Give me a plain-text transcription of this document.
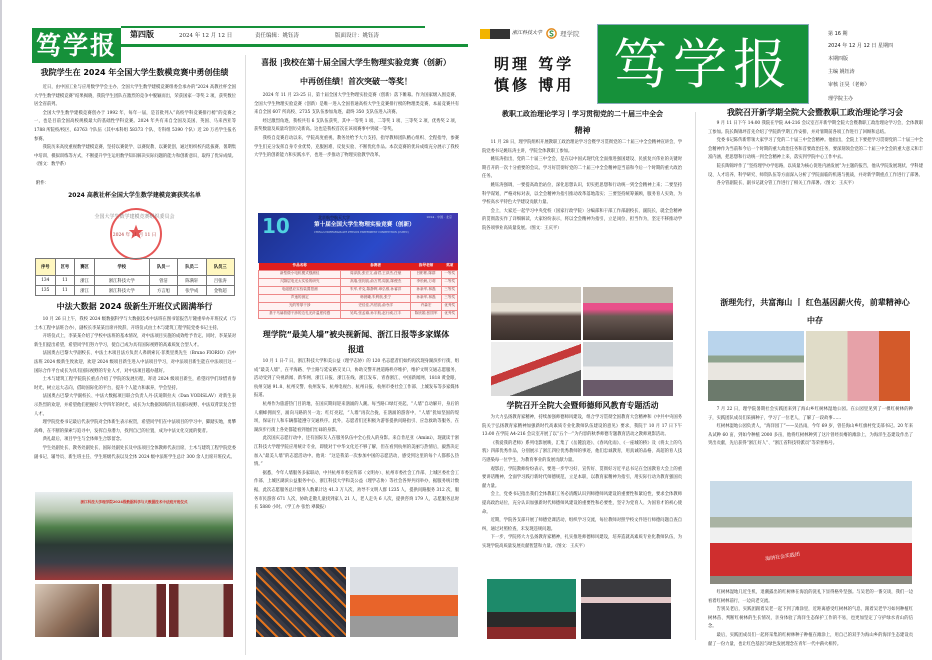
笃学报	第四版	2024 年 12 月 12 日	责任编辑：姚钰涛	版面设计：姚钰涛
我院学生在 2024 年全国大学生数模竞赛中勇创佳绩

近日，由中国工业与应用数学学会主办、全国大学生数学建模竞赛组委会承办的“2024 高教社杯全国大学生数学建模竞赛”结果揭晓，我院学生团队在激烈的竞争中脱颖而出，荣获国家一等奖 2 项，获奖数位居全省前列。

全国大学生数学建模竞赛创办于 1992 年，每年一届，是首批列入“高校学科竞赛排行榜”的竞赛之一，也是目前全国高校规模最大的基础性学科竞赛。2024 年共有来自全国及美国、英国、马来西亚等 1788 所院校/校区、63763 个队伍（其中本科组 58373 个队、专科组 5390 个队）近 20 万名学生报名参赛。

我院历来高度重视数学建模竞赛，坚持以赛促学、以赛促教、以赛促创，通过组织校内选拔赛、暑期集中培训、模拟训练等方式，不断提升学生运用数学知识解决实际问题的能力和创新意识，取得了优异成绩。（图文：数学系）

附件：
2024 高教社杯全国大学生数学建模竞赛获奖名单
全国大学生数学建模竞赛组织委员会
2024 年 11 月 11 日
序号	区号	赛区	学校	队员一	队员二	队员三
134	11	浙江	浙江科技大学	曾洁	陈满轩	吕张涛
135	11	浙江	浙江科技大学	方言旭	张学成	金牧超
中法大数据 2024 级新生开班仪式圆满举行

10 月 26 日上午，我校 2024 级数据科学与大数据技术中法班在图书馆报告厅隆重举办开班仪式（与土木工程中法班合办），副校长李某某出席并致辞，开班仪式由土木与建筑工程学院党委书记主持。

开班仪式上，李某某介绍了学校中法班的基本情况，对中法项目实施的成效给予肯定。同时，李某某对新生们提出希望，希望同学们努力学习，使自己成为具有国际视野的高素质复合型人才。

法国奥古巴黎大学副校长、中法土木项目法方负责人弗朗索瓦·菲奥里奥先生（Bruno FIORIO）向中法班 2024 级新生致欢迎，欢迎 2024 级项目新生进入中法项目学习，对中法项目新生能在中法项目这一国际合作平台成长为具有国际视野的专业人才，对中法项目越办越好。

土木与建筑工程学院院长重点介绍了学院的发展历程，寄语 2024 级项目新生，希望同学们珍惜青春时光，树立远大志向，借助国际化的平台，提升个人能力和素养，学会坚持。

法国奥古巴黎大学副校长、中法大数据项目联合负责人丹·沃迪斯拉夫（Dan VODISLAV）对新生表示热烈的欢迎，并希望他们把握好大学四年的时光，成长为大数据领域的具有国际视野、中法双背景复合型人才。

理学院党委书记最后代表学院对全体新生表示祝贺，希望同学们在中法项目的学习中，脚踏实地，勇攀高峰，在不断的探索与追寻中，发挥自身潜力，找到自己的位置，成为中法文化交流的使者。

典礼最后，项目学生与全体师生合影留念。

学生处副处长、教务处副处长、国际处副处长及中法项目全体教师代表出席，土木与建筑工程学院党委副书记、辅导员、新生班主任、学生班级代表以及全体 2024 级中法班学生总计 300 余人出席开班仪式。

浙江科技大学理学院2024级数据科学与大数据技术中法班开班仪式
喜报 |我校在第十届全国大学生物理实验竞赛（创新）
中再创佳绩！首次突破一等奖！

2024 年 11 月 23-25 日，第十届全国大学生物理实验竞赛（创新）落下帷幕。作为国家级入围竞赛，全国大学生物理实验竞赛（创新）是唯一进入全国普通高校大学生竞赛排行榜的物理类竞赛，本届竞赛共有来自全国 607 所高校、2735 支队伍参加角逐，最终 350 支队伍进入决赛。

经过激烈角逐，我校共有 6 支队伍获奖，其中一等奖 1 项、二等奖 1 项、三等奖 2 项、优秀奖 2 项，获奖数量及质量均创历史新高。这也是我校首次在该项赛事中突破一等奖。

我校自竞赛启动以来，学院高度重视，教务处给予大力支持，指导教师团队精心组织、全程指导，参赛学生们充分发挥自身专业优势，克服困难、反复实验、不断优化作品。本次竞赛的优异成绩充分展示了我校大学生的创新能力和实践水平，也进一步推动了物理实验教学改革。

10	北京航空航天大学
第十届全国大学生物理实验竞赛（创新）
CHINA UNDERGRADUATE PHYSICS EXPERIMENT COMPETITION (CUPEC)
2024 · 中国 · 北京
作品名称	参赛者	指导老师	奖项
新型微小电机模式强测仪	周泽凯,张宏文,俞君,王泽杰,任豪	吕彬彬,陈群	一等奖
穴隔层电光太实验的研究	高瑞,张钧凯,俞万贯,周凯,陈俊杰	李松帆,万莉	二等奖
电磁感应实验装置搭测	朱军,许克,陈静辉,章弘维,孙睿洋	孙新军,林磊	三等奖
声速的测定	韩晨曦,朱利航,张宁	孙新军,林磊	三等奖
光的等厚干涉	史佳佳,冯伯凯,俞寺洋	许森宏	优秀奖
基于马赫曾德干涉的边孔光纤温度传感	吴鸣,张孟瑜,孙宇航,赵行威,江丰	陈欣娟,张国军	优秀奖
理学院“最美人墙”被央视新闻、浙江日报等多家媒体
报道

10 月 1 日-7 日，浙江科技大学和美公益（理学志协）的 120 名志愿者们如约再次现身湖滨步行街，组成“最美人墙”，在平海路、学士路与延安路交叉口，协助交警开展道路秩序维护，维护文明交通志愿服务，活动受到了央视新闻、新华网、浙江日报、浙江在线、浙江发布、青春浙江、中国新闻网、1818 黄金眼、杭州交通 91.8、杭州交警、杭州发布、杭州电视台、杭州日报、杭州市委社会工作部、上城发布等多家媒体报道。

杭州作为旅游热门目的地，在国庆期间迎来汹涌的人潮。每当路口绿灯亮起，“人墙”自动解开，身后的人潮蜂拥而至，涌向马路的另一边；红灯亮起，“人墙”再次合拢，在汹涌的游客中，“人墙”犹如坚固的堤坝，保证行人和车辆都能遵守交通秩序。此外，志愿者们还积极为游客提供问路指引、应急救助等服务，在湖滨步行街上各处都能看到他们忙碌的身影。

此次国庆志愿行动中，还有国际友人在服务队伍中全心投入的身影。来自肯尼亚（Amini），现就读于浙江科技大学理学院应用统计专业，即使对于中华文化还不够了解，但在看到杭州的美丽与热情后，毅然决定加入“最美人墙”的志愿活动中。他说：“这是我第一次参加中国的志愿活动，感受到这里的每个人都那么热情。”

据悉，今年人墙服务多家联动，中共杭州市委宣传部（文明办）、杭州市委社会工作部、上城区委社会工作部、上城区湖滨公益服务中心、浙江科技大学和美公益（理学志协）等社会各界共同举办，据服务统计数据，此次志愿服务总计服务人数累计达 41.3 万人次，劝导不文明人群 1235 人，提供问路服务 312 次，服务市民游客 671 人次，协助走散儿童找到家人 21 人，老人走失 6 人次，提供咨询 179 人，志愿服务总时长 5880 小时。（学工办 张怡 翠微报）

浙江科技大学	理学院
明理 笃学
慎修 博用 笃学报	第 16 期
2024 年 12 月 12 日 星期四
本期四版
主编 姚钰涛
审核 汪昊（老师）
理学院主办
教职工政治理论学习丨学习贯彻党的二十届三中全会
精神

11 月 28 日，理学院组织开展教职工政治理论学习会暨学习贯彻党的二十届三中全会精神宣讲会，学院党委书记姚钰涛主讲，学院全体教职工参加。

姚钰涛指出，党的二十届三中全会，是在以中国式现代化全面推进强国建设、民族复兴伟业的关键时期召开的一次十分重要的会议。学习好贯彻好党的二十届三中全会精神是当前和今后一个时期的重大政治任务。

姚钰涛强调，一要提高政治站位，深化思想认识，切实把思想和行动统一到全会精神上来；二要坚持科学谋划，严格对标对表，以全会精神为指引推动改革落地落实；三要坚持统筹兼顾，服务育人实效，为学校高水平特色大学建设贡献力量。

会上，大家还一起学习中央党校（国家行政学院）分编部和干部工作部副校长、副院长，就全会精神的贯彻落实作了详细解读，大家纷纷表示，将以全会精神为指引，立足岗位、担当作为，坚定不移推动学院各项事业高质量发展。（图文：王庆平）

学院召开全院大会暨师德师风教育专题活动

为大力弘扬教育家精神，持续加强师德师风建设，组合学习贯彻全国教育大会精神和《中共中央国务院关于弘扬教育家精神加强新时代高素质专业化教师队伍建设的意见》要求，我院于 10 月 17 日下午 13:00 在学院 A4-216 会议室开展了以“五个一”为内容的秋季师德专题教育活动之教师观影活动。

《我爱我的老师》系列电影展映，汇集了《岳麓浪迹》、《春风化雨》、《一座城的桥》及《将太上的乌鸦》四部优秀作品，分别展示了浙江四位优秀教师的事迹，他们忠诚教育，用真诚的品格、高超的育人技巧感染每一位学生，为教育事业的发展贡献力量。

观影后，学院教师纷纷表示，要进一步学习好、宣传好、贯彻好习近平总书记在全国教育大会上的重要讲话精神，全面学习践行新时代师德规范，立足本职，以教育家精神为指引，用实际行动为教育强国贡献力量。

会上，党委书记指出我们全体教职工务必清醒认识到师德师风建设的重要性和紧迫性，要求全体教师提高政治站位，充分认识加强新时代师德师风建设的重要性和必要性，坚守为党育人、为国育才的初心使命。

近期，学院各支部开展了师德党课活动，组织学习交流，每位教师对照学校文件进行师德问题自查自纠，通过对照检查，未发现违规问题。

下一步，学院将大力弘扬教育家精神，扎实推进师德师风建设，培养造就高素质专业化教师队伍，为实现学院高质量发展贡献智慧和力量。（图文：王庆平）

我院召开新学期全院大会暨教职工政治理论学习会

9 月 11 日下午 14:00 我院在学院 A4-216 会议室召开新学期全院大会暨教职工政治理论学习会，全体教职工参加。院长陶锦坪首先介绍了学院新学期工作安排，并对暑期前各项工作进行了回顾和总结。

党委书记陈传新带领大家学习了党的二十届三中全会精神。他指出，全院上下要把学习贯彻党的二十届三中全会精神作为当前和今后一个时期的重大政治任务和首要政治任务，要深刻领会党的二十届三中全会的重大意义和丰富内涵，把思想和行动统一到全会精神上来，落实到学院中心工作中去。

院长陶锦坪作了“坚持理学办学思路，以质量为核心促进内涵发展”为主题的报告，他从学院发展现状、学科建设、人才培养、科学研究、师资队伍等方面深入分析了学院面临的机遇与挑战，并对新学期重点工作进行了部署。

各分管副院长、副书记就分管工作进行了相关工作部署。（图文：王庆平）

浙理先行，共富海山 丨 红色基因薪火传，前辈精神心
中存

7 月 22 日，理学院暑期社会实践团来到了海山乡红树林湿地公园。在公园里见到了一棵红树林的种子，实践团队成员们采摘种子，学习了一位老人，了解了一段故事……

红树林湿地公园负责人，“海洋园丁”——吴昌雨，今年 69 岁，曾任海山乡红旗村党支部书记。20 年来从试种 60 亩，到如今种植 2000 多亩，他将红树林种到了这片曾经贫瘠的滩涂上，为海洋生态建设作出了突出贡献，先后获得“浙江好人”、“浙江省科技特派员”等荣誉称号。

海纳社会实践团

红树林湿地几近生机，退潮露出的红树林在海浪的洗礼下显得格外坚强。与吴老的一番交谈，我们一边看着红树林前行，一边向老交流。

告别吴老后，实践团跟着吴老一起下到了滩涂里，近距离感受红树林的气息，跟着吴老学习如何种植红树林苗、判断红树林的生长情况，亲身体验了海洋生态保护工作的不易，也更加坚定了守护绿水青山的信念。

最后，实践团成员们一起将采集的红树林种子种植在滩涂上，用自己的双手为海山乡的海洋生态建设贡献了一份力量，也让红色基因与绿色发展理念在青年一代中薪火相传。
